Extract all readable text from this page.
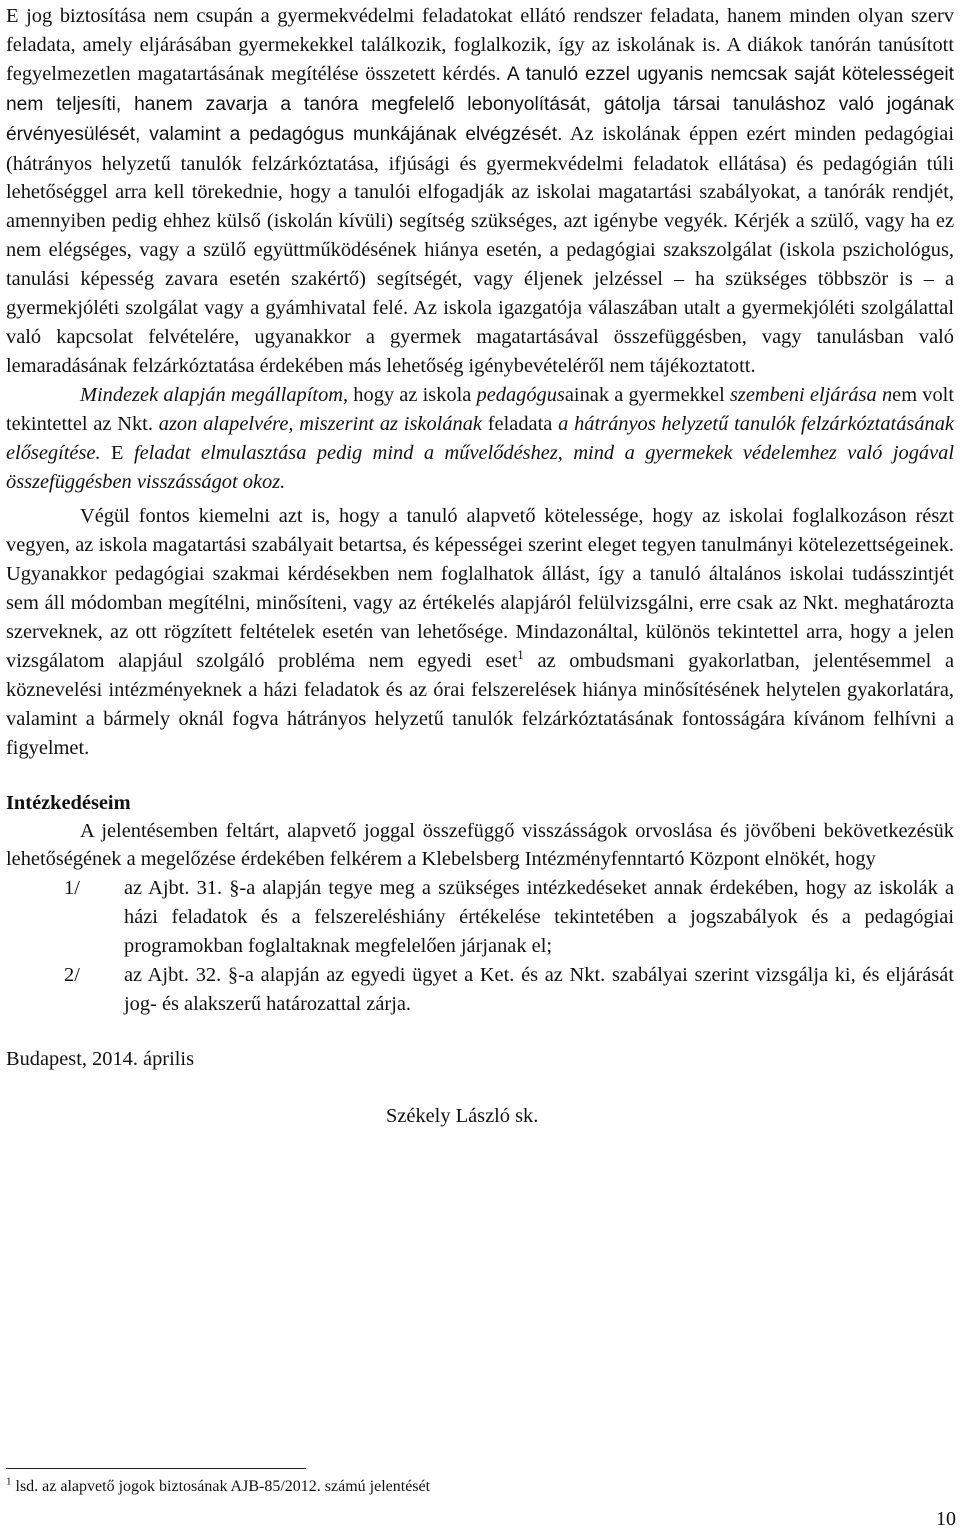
E jog biztosítása nem csupán a gyermekvédelmi feladatokat ellátó rendszer feladata, hanem minden olyan szerv feladata, amely eljárásában gyermekekkel találkozik, foglalkozik, így az iskolának is. A diákok tanórán tanúsított fegyelmezetlen magatartásának megítélése összetett kérdés. A tanuló ezzel ugyanis nemcsak saját kötelességeit nem teljesíti, hanem zavarja a tanóra megfelelő lebonyolítását, gátolja társai tanuláshoz való jogának érvényesülését, valamint a pedagógus munkájának elvégzését. Az iskolának éppen ezért minden pedagógiai (hátrányos helyzetű tanulók felzárkóztatása, ifjúsági és gyermekvédelmi feladatok ellátása) és pedagógián túli lehetőséggel arra kell törekednie, hogy a tanulói elfogadják az iskolai magatartási szabályokat, a tanórák rendjét, amennyiben pedig ehhez külső (iskolán kívüli) segítség szükséges, azt igénybe vegyék. Kérjék a szülő, vagy ha ez nem elégséges, vagy a szülő együttműködésének hiánya esetén, a pedagógiai szakszolgálat (iskola pszichológus, tanulási képesség zavara esetén szakértő) segítségét, vagy éljenek jelzéssel – ha szükséges többször is – a gyermekjóléti szolgálat vagy a gyámhivatal felé. Az iskola igazgatója válaszában utalt a gyermekjóléti szolgálattal való kapcsolat felvételére, ugyanakkor a gyermek magatartásával összefüggésben, vagy tanulásban való lemaradásának felzárkóztatása érdekében más lehetőség igénybevételéről nem tájékoztatott.

Mindezek alapján megállapítom, hogy az iskola pedagógusainak a gyermekkel szembeni eljárása nem volt tekintettel az Nkt. azon alapelvére, miszerint az iskolának feladata a hátrányos helyzetű tanulók felzárkóztatásának elősegítése. E feladat elmulasztása pedig mind a művelődéshez, mind a gyermekek védelemhez való jogával összefüggésben visszásságot okoz.

Végül fontos kiemelni azt is, hogy a tanuló alapvető kötelessége, hogy az iskolai foglalkozáson részt vegyen, az iskola magatartási szabályait betartsa, és képességei szerint eleget tegyen tanulmányi kötelezettségeinek. Ugyanakkor pedagógiai szakmai kérdésekben nem foglalhatok állást, így a tanuló általános iskolai tudásszintjét sem áll módomban megítélni, minősíteni, vagy az értékelés alapjáról felülvizsgálni, erre csak az Nkt. meghatározta szerveknek, az ott rögzített feltételek esetén van lehetősége. Mindazonáltal, különös tekintettel arra, hogy a jelen vizsgálatom alapjául szolgáló probléma nem egyedi eset$^1$ az ombudsmani gyakorlatban, jelentésemmel a köznevelési intézményeknek a házi feladatok és az órai felszerelések hiánya minősítésének helytelen gyakorlatára, valamint a bármely oknál fogva hátrányos helyzetű tanulók felzárkóztatásának fontosságára kívánom felhívni a figyelmet.

Intézkedéseim

A jelentésemben feltárt, alapvető joggal összefüggő visszásságok orvoslása és jövőbeni bekövetkezésük lehetőségének a megelőzése érdekében felkérem a Klebelsberg Intézményfenntartó Központ elnökét, hogy

1/ az Ajbt. 31. §-a alapján tegye meg a szükséges intézkedéseket annak érdekében, hogy az iskolák a házi feladatok és a felszereléshiány értékelése tekintetében a jogszabályok és a pedagógiai programokban foglaltaknak megfelelően járjanak el;
2/ az Ajbt. 32. §-a alapján az egyedi ügyet a Ket. és az Nkt. szabályai szerint vizsgálja ki, és eljárását jog- és alakszerű határozattal zárja.

Budapest, 2014. április

Székely László sk.

$^1$ lsd. az alapvető jogok biztosának AJB-85/2012. számú jelentését
10
